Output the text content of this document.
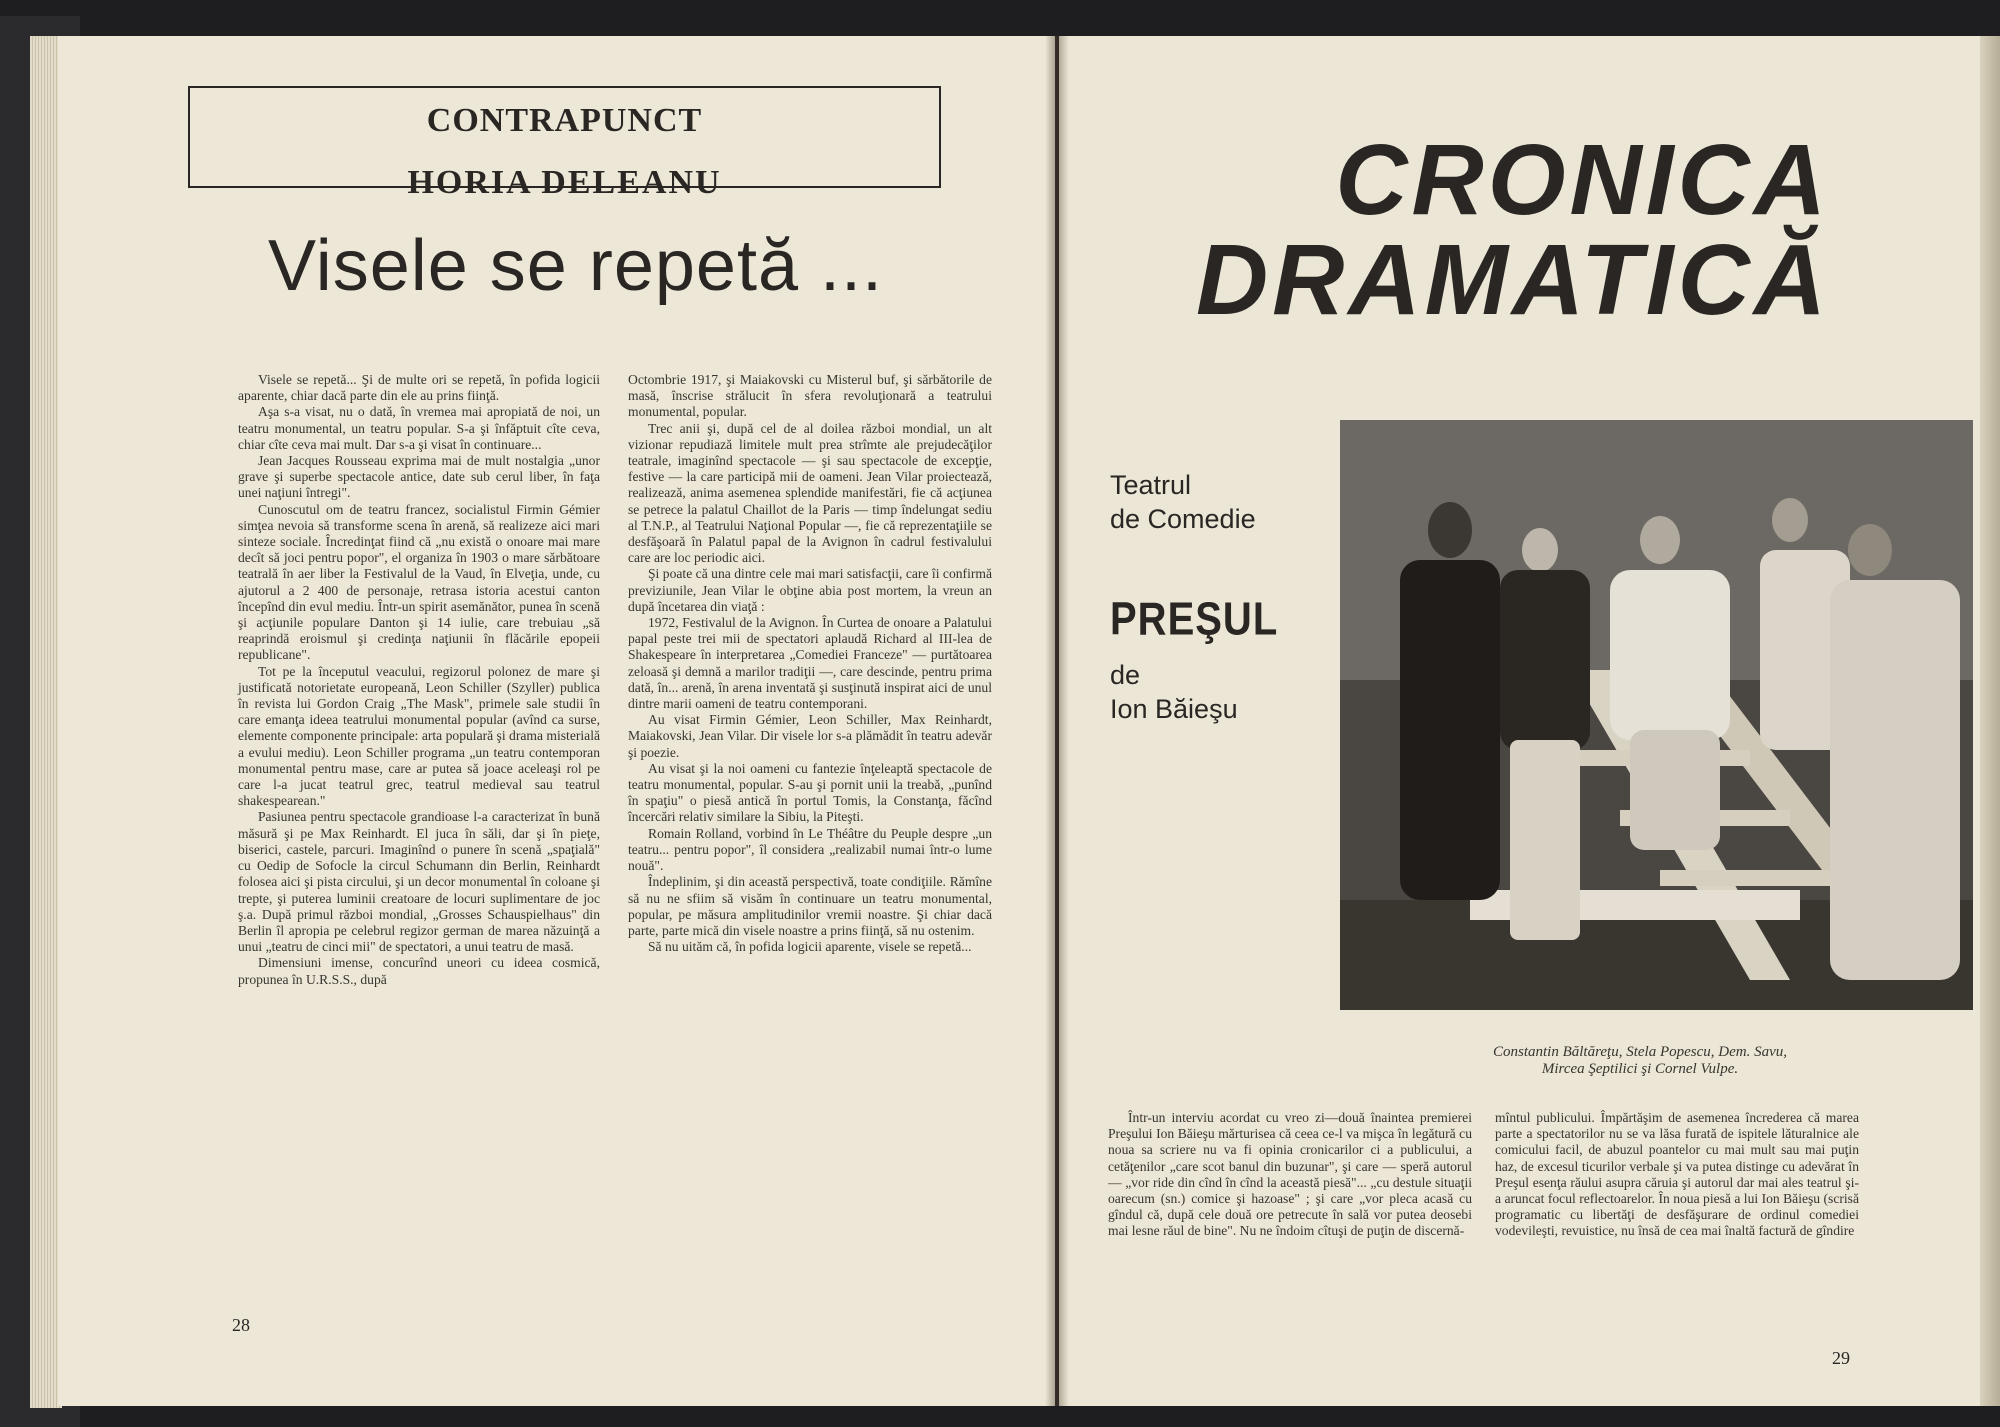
CONTRAPUNCT
HORIA DELEANU
Visele se repetă ...

Visele se repetă... Şi de multe ori se repetă, în pofida logicii aparente, chiar dacă parte din ele au prins fiinţă.

Aşa s-a visat, nu o dată, în vremea mai apropiată de noi, un teatru monumental, un teatru popular. S-a şi înfăptuit cîte ceva, chiar cîte ceva mai mult. Dar s-a şi visat în continuare...

Jean Jacques Rousseau exprima mai de mult nostalgia „unor grave şi superbe spectacole antice, date sub cerul liber, în faţa unei naţiuni întregi".

Cunoscutul om de teatru francez, socialistul Firmin Gémier simţea nevoia să transforme scena în arenă, să realizeze aici mari sinteze sociale. Încredinţat fiind că „nu există o onoare mai mare decît să joci pentru popor", el organiza în 1903 o mare sărbătoare teatrală în aer liber la Festivalul de la Vaud, în Elveţia, unde, cu ajutorul a 2 400 de personaje, retrasa istoria acestui canton începînd din evul mediu. Într-un spirit asemănător, punea în scenă şi acţiunile populare Danton şi 14 iulie, care trebuiau „să reaprindă eroismul şi credinţa naţiunii în flăcările epopeii republicane".

Tot pe la începutul veacului, regizorul polonez de mare şi justificată notorietate europeană, Leon Schiller (Szyller) publica în revista lui Gordon Craig „The Mask", primele sale studii în care emanţa ideea teatrului monumental popular (avînd ca surse, elemente componente principale: arta populară şi drama misterială a evului mediu). Leon Schiller programa „un teatru contemporan monumental pentru mase, care ar putea să joace aceleaşi rol pe care l-a jucat teatrul grec, teatrul medieval sau teatrul shakespearean."

Pasiunea pentru spectacole grandioase l-a caracterizat în bună măsură şi pe Max Reinhardt. El juca în săli, dar şi în pieţe, biserici, castele, parcuri. Imaginînd o punere în scenă „spaţială" cu Oedip de Sofocle la circul Schumann din Berlin, Reinhardt folosea aici şi pista circului, şi un decor monumental în coloane şi trepte, şi puterea luminii creatoare de locuri suplimentare de joc ş.a. După primul război mondial, „Grosses Schauspielhaus" din Berlin îl apropia pe celebrul regizor german de marea năzuinţă a unui „teatru de cinci mii" de spectatori, a unui teatru de masă.

Dimensiuni imense, concurînd uneori cu ideea cosmică, propunea în U.R.S.S., după

Octombrie 1917, şi Maiakovski cu Misterul buf, şi sărbătorile de masă, înscrise strălucit în sfera revoluţionară a teatrului monumental, popular.

Trec anii şi, după cel de al doilea război mondial, un alt vizionar repudiază limitele mult prea strîmte ale prejudecăţilor teatrale, imaginînd spectacole — şi sau spectacole de excepţie, festive — la care participă mii de oameni. Jean Vilar proiectează, realizează, anima asemenea splendide manifestări, fie că acţiunea se petrece la palatul Chaillot de la Paris — timp îndelungat sediu al T.N.P., al Teatrului Naţional Popular —, fie că reprezentaţiile se desfăşoară în Palatul papal de la Avignon în cadrul festivalului care are loc periodic aici.

Şi poate că una dintre cele mai mari satisfacţii, care îi confirmă previziunile, Jean Vilar le obţine abia post mortem, la vreun an după încetarea din viaţă :

1972, Festivalul de la Avignon. În Curtea de onoare a Palatului papal peste trei mii de spectatori aplaudă Richard al III-lea de Shakespeare în interpretarea „Comediei Franceze" — purtătoarea zeloasă şi demnă a marilor tradiţii —, care descinde, pentru prima dată, în... arenă, în arena inventată şi susţinută inspirat aici de unul dintre marii oameni de teatru contemporani.

Au visat Firmin Gémier, Leon Schiller, Max Reinhardt, Maiakovski, Jean Vilar. Dir visele lor s-a plămădit în teatru adevăr şi poezie.

Au visat şi la noi oameni cu fantezie înţeleaptă spectacole de teatru monumental, popular. S-au şi pornit unii la treabă, „punînd în spaţiu" o piesă antică în portul Tomis, la Constanţa, făcînd încercări relativ similare la Sibiu, la Piteşti.

Romain Rolland, vorbind în Le Théâtre du Peuple despre „un teatru... pentru popor", îl considera „realizabil numai într-o lume nouă".

Îndeplinim, şi din această perspectivă, toate condiţiile. Rămîne să nu ne sfiim să visăm în continuare un teatru monumental, popular, pe măsura amplitudinilor vremii noastre. Şi chiar dacă parte, parte mică din visele noastre a prins fiinţă, să nu ostenim.

Să nu uităm că, în pofida logicii aparente, visele se repetă...

28
CRONICA
DRAMATICĂ
Teatrul
de Comedie
PREŞUL
de
Ion Băieşu
Constantin Băltăreţu, Stela Popescu, Dem. Savu,
Mircea Şeptilici şi Cornel Vulpe.

Într-un interviu acordat cu vreo zi—două înaintea premierei Preşului Ion Băieşu mărturisea că ceea ce-l va mişca în legătură cu noua sa scriere nu va fi opinia cronicarilor ci a publicului, a cetăţenilor „care scot banul din buzunar", şi care — speră autorul — „vor ride din cînd în cînd la această piesă"... „cu destule situaţii oarecum (sn.) comice şi hazoase" ; şi care „vor pleca acasă cu gîndul că, după cele două ore petrecute în sală vor putea deosebi mai lesne răul de bine". Nu ne îndoim cîtuşi de puţin de discernă-

mîntul publicului. Împărtăşim de asemenea încrederea că marea parte a spectatorilor nu se va lăsa furată de ispitele lăturalnice ale comicului facil, de abuzul poantelor cu mai mult sau mai puţin haz, de excesul ticurilor verbale şi va putea distinge cu adevărat în Preşul esenţa răului asupra căruia şi autorul dar mai ales teatrul şi-a aruncat focul reflectoarelor. În noua piesă a lui Ion Băieşu (scrisă programatic cu libertăţi de desfăşurare de ordinul comediei vodevileşti, revuistice, nu însă de cea mai înaltă factură de gîndire

29
